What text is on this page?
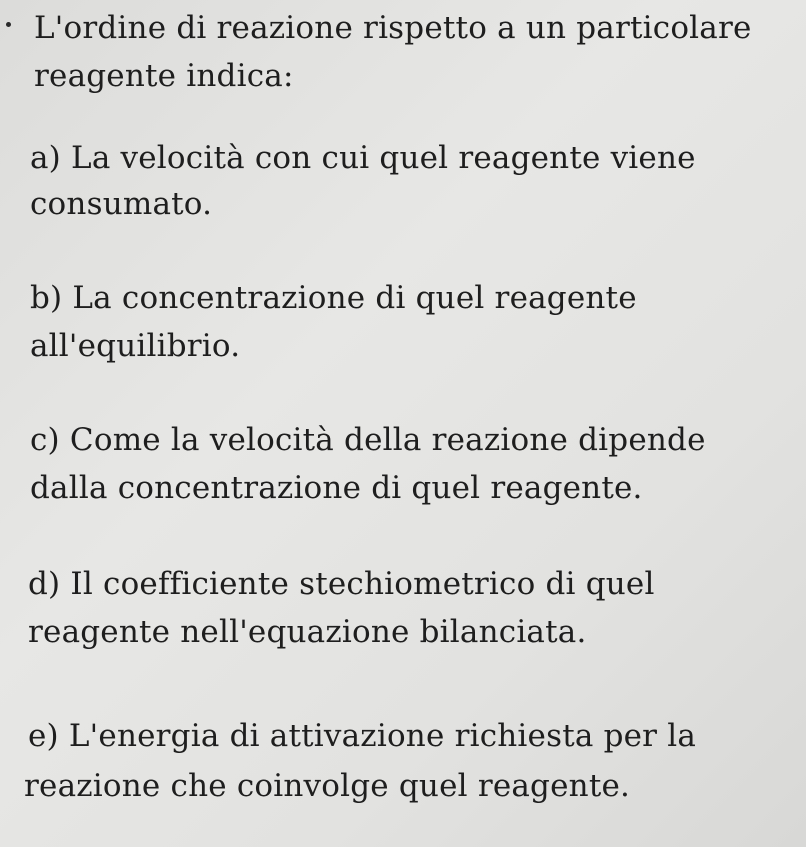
L'ordine di reazione rispetto a un particolare
reagente indica:
a) La velocità con cui quel reagente viene
consumato.
b) La concentrazione di quel reagente
all'equilibrio.
c) Come la velocità della reazione dipende
dalla concentrazione di quel reagente.
d) Il coefficiente stechiometrico di quel
reagente nell'equazione bilanciata.
e) L'energia di attivazione richiesta per la
reazione che coinvolge quel reagente.
